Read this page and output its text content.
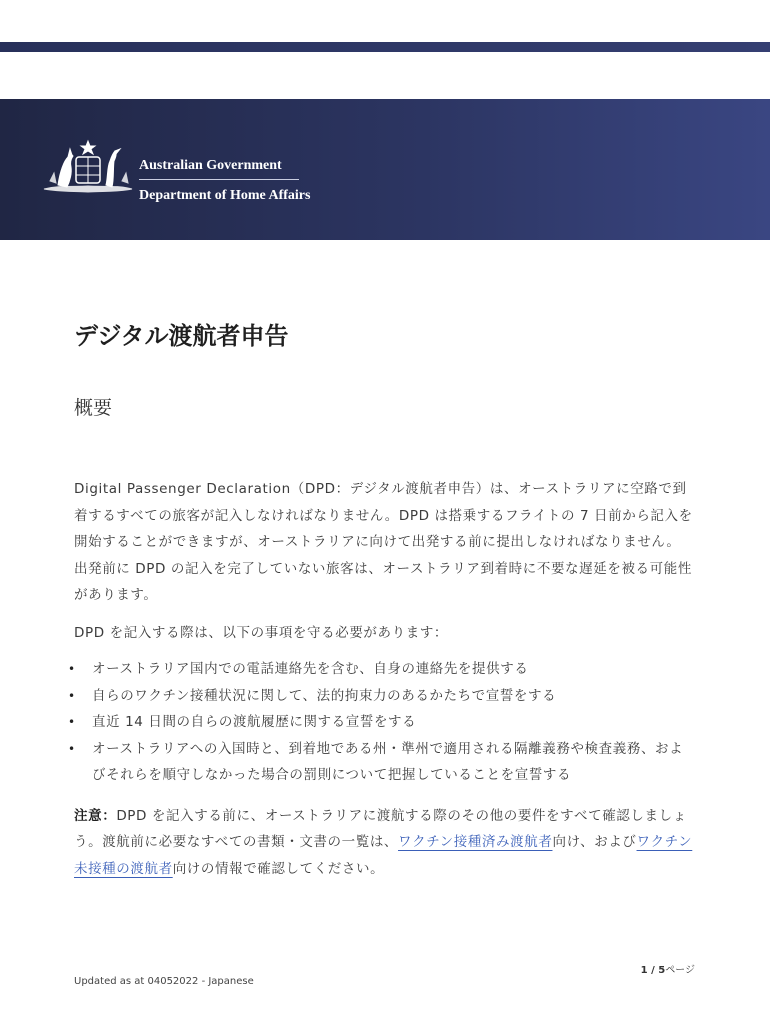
Australian Government
Department of Home Affairs
デジタル渡航者申告
概要

Digital Passenger Declaration（DPD：デジタル渡航者申告）は、オーストラリアに空路で到着するすべての旅客が記入しなければなりません。DPD は搭乗するフライトの 7 日前から記入を開始することができますが、オーストラリアに向けて出発する前に提出しなければなりません。出発前に DPD の記入を完了していない旅客は、オーストラリア到着時に不要な遅延を被る可能性があります。

DPD を記入する際は、以下の事項を守る必要があります：

• オーストラリア国内での電話連絡先を含む、自身の連絡先を提供する
• 自らのワクチン接種状況に関して、法的拘束力のあるかたちで宣誓をする
• 直近 14 日間の自らの渡航履歴に関する宣誓をする
• オーストラリアへの入国時と、到着地である州・準州で適用される隔離義務や検査義務、およびそれらを順守しなかった場合の罰則について把握していることを宣誓する

注意：DPD を記入する前に、オーストラリアに渡航する際のその他の要件をすべて確認しましょう。渡航前に必要なすべての書類・文書の一覧は、ワクチン接種済み渡航者向け、およびワクチン未接種の渡航者向けの情報で確認してください。

1 / 5ページ
Updated as at 04052022 - Japanese
